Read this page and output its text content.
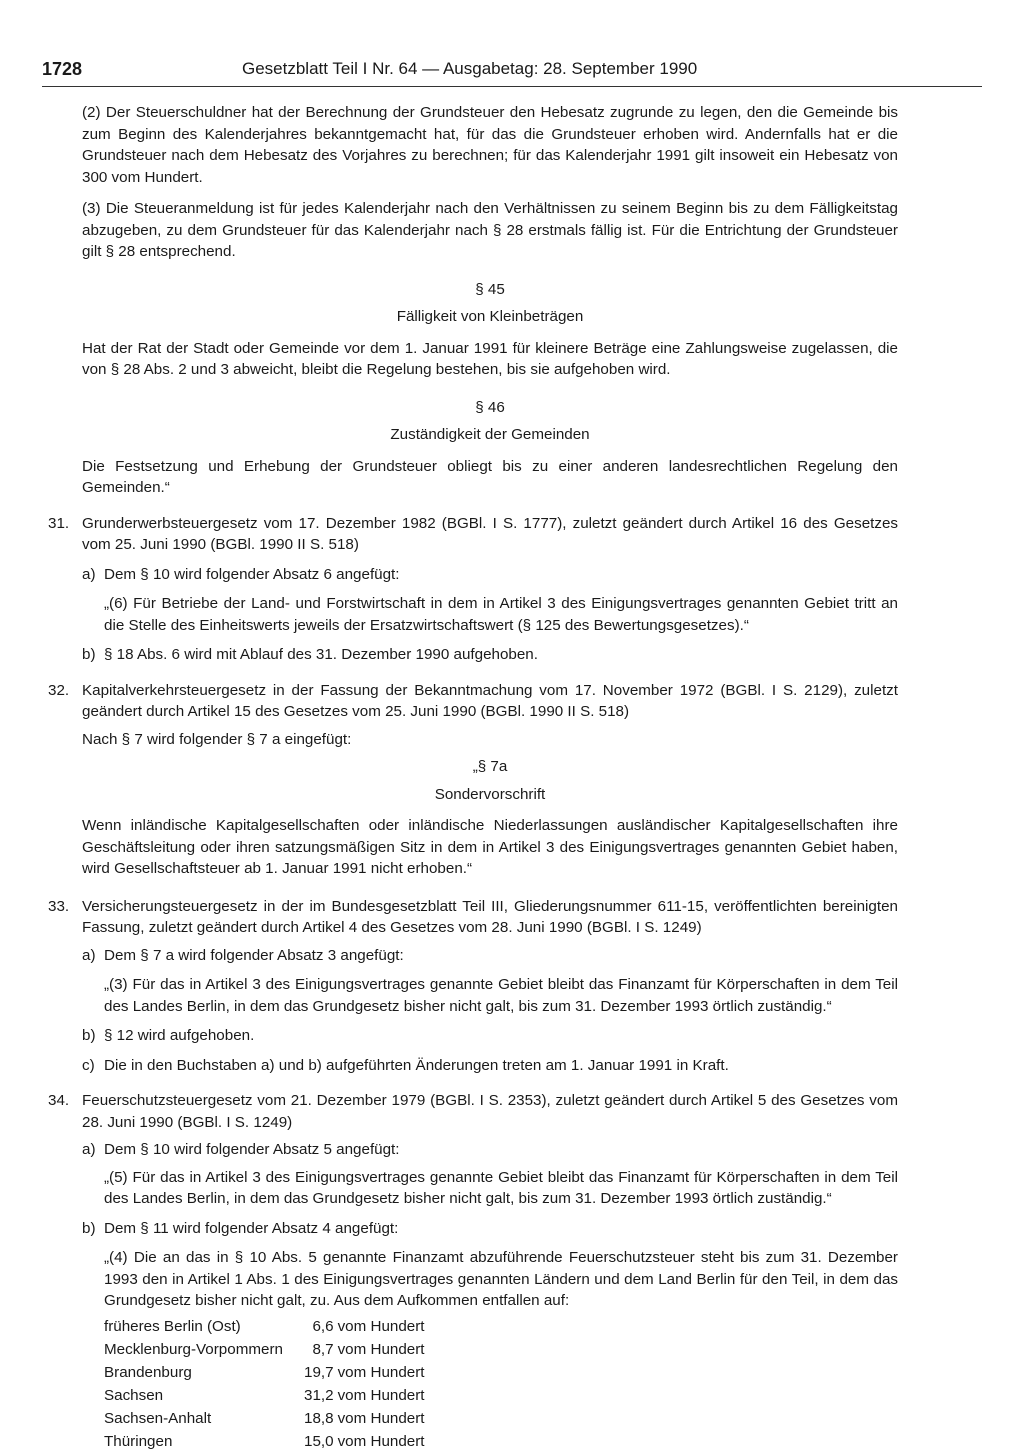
1728	Gesetzblatt Teil I Nr. 64 — Ausgabetag: 28. September 1990

(2) Der Steuerschuldner hat der Berechnung der Grundsteuer den Hebesatz zugrunde zu legen, den die Gemeinde bis zum Beginn des Kalenderjahres bekanntgemacht hat, für das die Grundsteuer erhoben wird. Andernfalls hat er die Grundsteuer nach dem Hebesatz des Vorjahres zu berechnen; für das Kalenderjahr 1991 gilt insoweit ein Hebesatz von 300 vom Hundert.

(3) Die Steueranmeldung ist für jedes Kalenderjahr nach den Verhältnissen zu seinem Beginn bis zu dem Fälligkeitstag abzugeben, zu dem Grundsteuer für das Kalenderjahr nach § 28 erstmals fällig ist. Für die Entrichtung der Grundsteuer gilt § 28 entsprechend.

§ 45

Fälligkeit von Kleinbeträgen

Hat der Rat der Stadt oder Gemeinde vor dem 1. Januar 1991 für kleinere Beträge eine Zahlungsweise zugelassen, die von § 28 Abs. 2 und 3 abweicht, bleibt die Regelung bestehen, bis sie aufgehoben wird.

§ 46

Zuständigkeit der Gemeinden

Die Festsetzung und Erhebung der Grundsteuer obliegt bis zu einer anderen landesrechtlichen Regelung den Gemeinden.“

31. Grunderwerbsteuergesetz vom 17. Dezember 1982 (BGBl. I S. 1777), zuletzt geändert durch Artikel 16 des Gesetzes vom 25. Juni 1990 (BGBl. 1990 II S. 518)
a) Dem § 10 wird folgender Absatz 6 angefügt:

„(6) Für Betriebe der Land- und Forstwirtschaft in dem in Artikel 3 des Einigungsvertrages genannten Gebiet tritt an die Stelle des Einheitswerts jeweils der Ersatzwirtschaftswert (§ 125 des Bewertungsgesetzes).“

b) § 18 Abs. 6 wird mit Ablauf des 31. Dezember 1990 aufgehoben.
32. Kapitalverkehrsteuergesetz in der Fassung der Bekanntmachung vom 17. November 1972 (BGBl. I S. 2129), zuletzt geändert durch Artikel 15 des Gesetzes vom 25. Juni 1990 (BGBl. 1990 II S. 518)

Nach § 7 wird folgender § 7 a eingefügt:

„§ 7a

Sondervorschrift

Wenn inländische Kapitalgesellschaften oder inländische Niederlassungen ausländischer Kapitalgesellschaften ihre Geschäftsleitung oder ihren satzungsmäßigen Sitz in dem in Artikel 3 des Einigungsvertrages genannten Gebiet haben, wird Gesellschaftsteuer ab 1. Januar 1991 nicht erhoben.“

33. Versicherungsteuergesetz in der im Bundesgesetzblatt Teil III, Gliederungsnummer 611-15, veröffentlichten bereinigten Fassung, zuletzt geändert durch Artikel 4 des Gesetzes vom 28. Juni 1990 (BGBl. I S. 1249)
a) Dem § 7 a wird folgender Absatz 3 angefügt:

„(3) Für das in Artikel 3 des Einigungsvertrages genannte Gebiet bleibt das Finanzamt für Körperschaften in dem Teil des Landes Berlin, in dem das Grundgesetz bisher nicht galt, bis zum 31. Dezember 1993 örtlich zuständig.“

b) § 12 wird aufgehoben.
c) Die in den Buchstaben a) und b) aufgeführten Änderungen treten am 1. Januar 1991 in Kraft.
34. Feuerschutzsteuergesetz vom 21. Dezember 1979 (BGBl. I S. 2353), zuletzt geändert durch Artikel 5 des Gesetzes vom 28. Juni 1990 (BGBl. I S. 1249)
a) Dem § 10 wird folgender Absatz 5 angefügt:

„(5) Für das in Artikel 3 des Einigungsvertrages genannte Gebiet bleibt das Finanzamt für Körperschaften in dem Teil des Landes Berlin, in dem das Grundgesetz bisher nicht galt, bis zum 31. Dezember 1993 örtlich zuständig.“

b) Dem § 11 wird folgender Absatz 4 angefügt:

„(4) Die an das in § 10 Abs. 5 genannte Finanzamt abzuführende Feuerschutzsteuer steht bis zum 31. Dezember 1993 den in Artikel 1 Abs. 1 des Einigungsvertrages genannten Ländern und dem Land Berlin für den Teil, in dem das Grundgesetz bisher nicht galt, zu. Aus dem Aufkommen entfallen auf:

früheres Berlin (Ost)	6,6	vom Hundert
Mecklenburg-Vorpommern	8,7	vom Hundert
Brandenburg	19,7	vom Hundert
Sachsen	31,2	vom Hundert
Sachsen-Anhalt	18,8	vom Hundert
Thüringen	15,0	vom Hundert
